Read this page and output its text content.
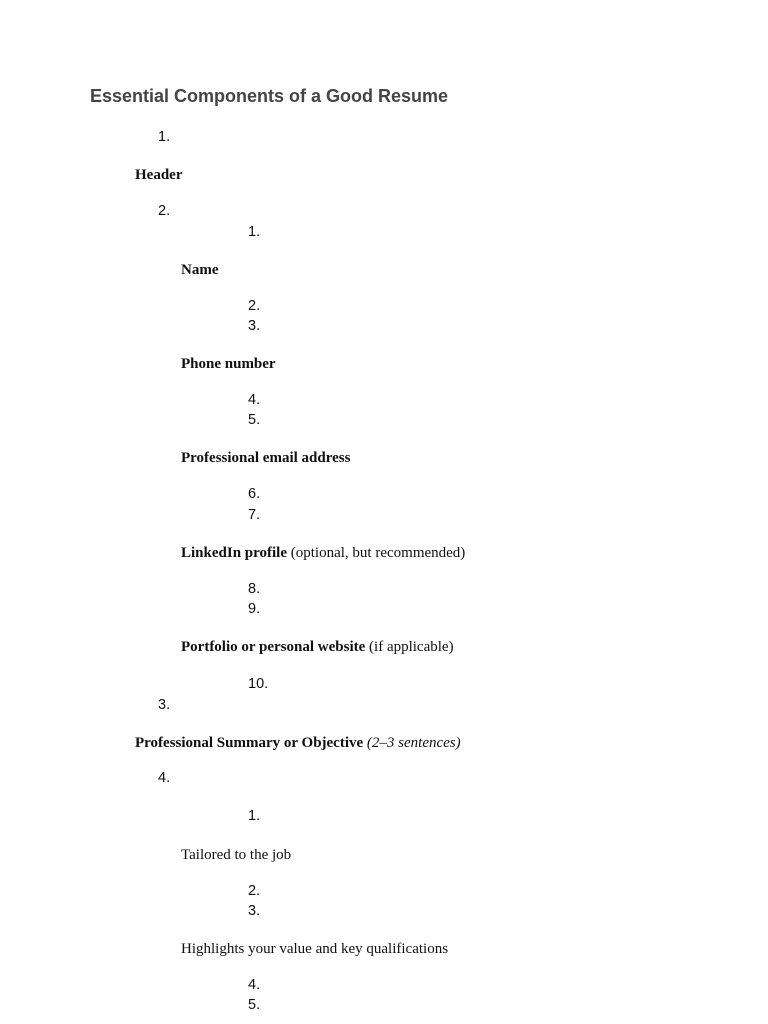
Essential Components of a Good Resume
1.
Header
2.
1.
Name
2.
3.
Phone number
4.
5.
Professional email address
6.
7.
LinkedIn profile (optional, but recommended)
8.
9.
Portfolio or personal website (if applicable)
10.
3.
Professional Summary or Objective (2–3 sentences)
4.
1.
Tailored to the job
2.
3.
Highlights your value and key qualifications
4.
5.
